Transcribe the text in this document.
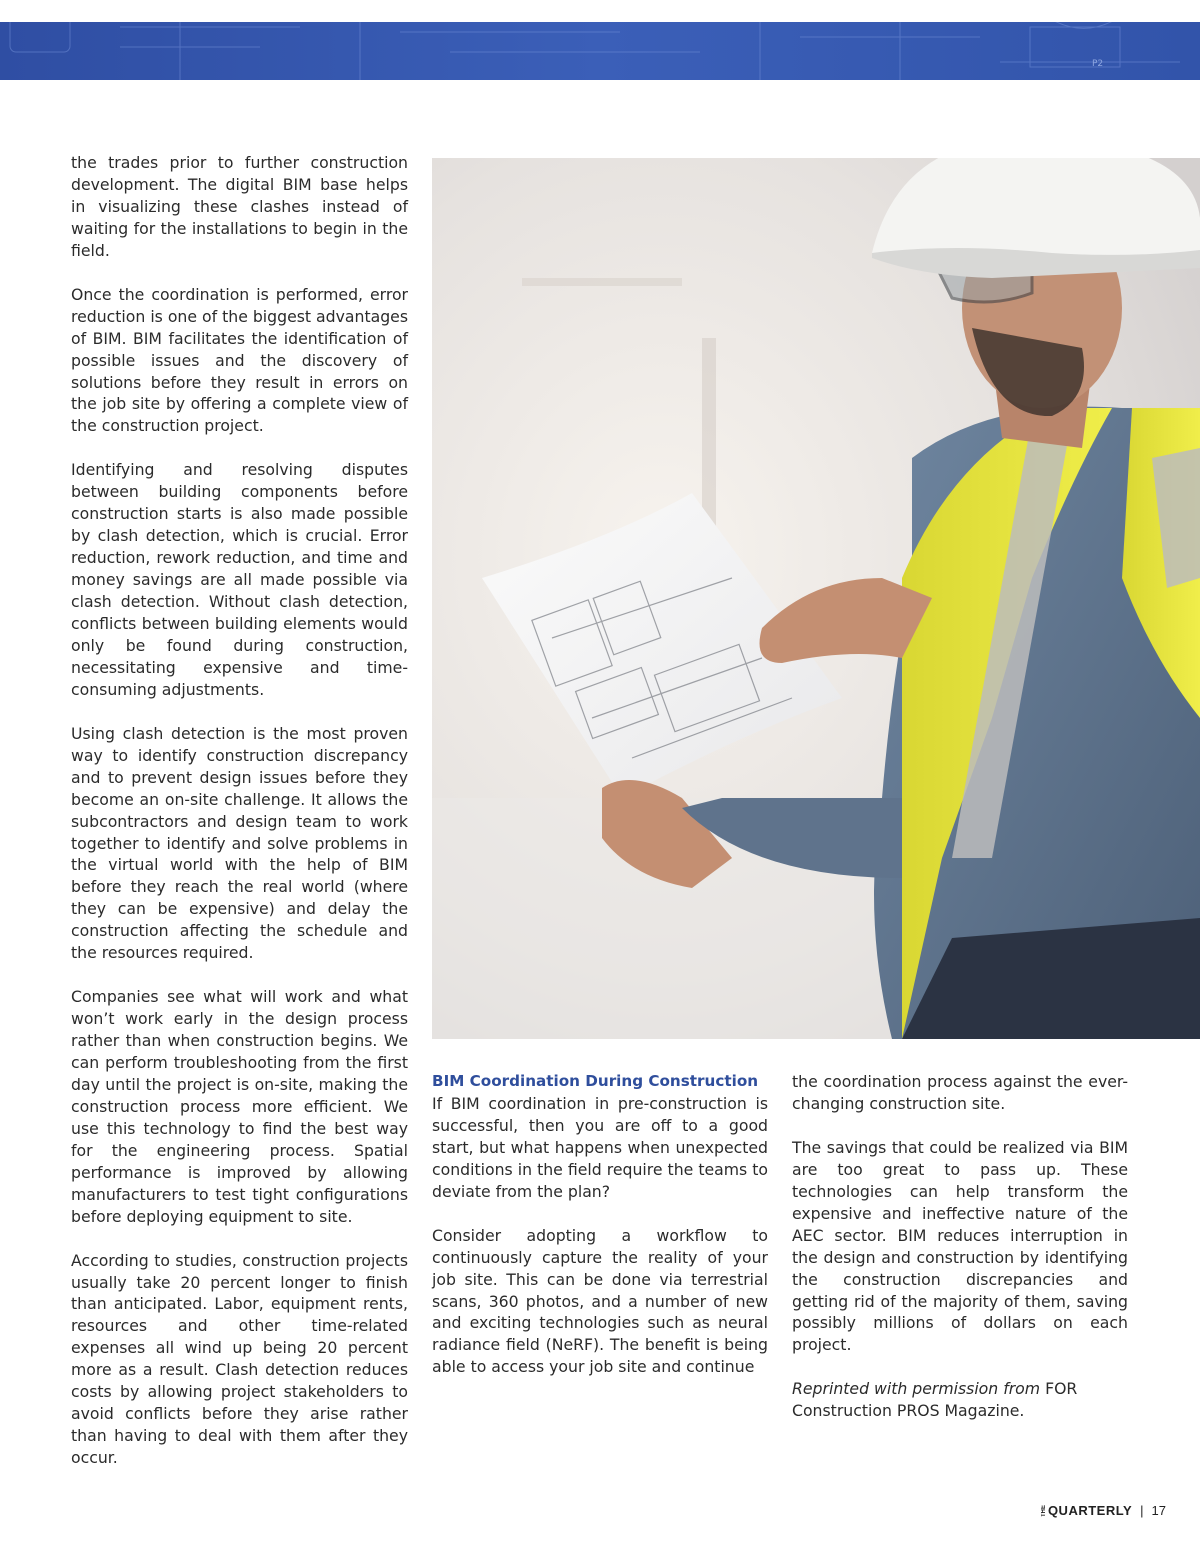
P2

the trades prior to further construction development. The digital BIM base helps in visualizing these clashes instead of waiting for the installations to begin in the field.

Once the coordination is performed, error reduction is one of the biggest advantages of BIM. BIM facilitates the identification of possible issues and the discovery of solutions before they result in errors on the job site by offering a complete view of the construction project.

Identifying and resolving disputes between building components before construction starts is also made possible by clash detection, which is crucial. Error reduction, rework reduction, and time and money savings are all made possible via clash detection. Without clash detection, conflicts between building elements would only be found during construction, necessitating expensive and time-consuming adjustments.

Using clash detection is the most proven way to identify construction discrepancy and to prevent design issues before they become an on-site challenge. It allows the subcontractors and design team to work together to identify and solve problems in the virtual world with the help of BIM before they reach the real world (where they can be expensive) and delay the construction affecting the schedule and the resources required.

Companies see what will work and what won’t work early in the design process rather than when construction begins. We can perform troubleshooting from the first day until the project is on-site, making the construction process more efficient. We use this technology to find the best way for the engineering process. Spatial performance is improved by allowing manufacturers to test tight configurations before deploying equipment to site.

According to studies, construction projects usually take 20 percent longer to finish than anticipated. Labor, equipment rents, resources and other time-related expenses all wind up being 20 percent more as a result. Clash detection reduces costs by allowing project stakeholders to avoid conflicts before they arise rather than having to deal with them after they occur.

BIM Coordination During Construction

If BIM coordination in pre-construction is successful, then you are off to a good start, but what happens when unexpected conditions in the field require the teams to deviate from the plan?

Consider adopting a workflow to continuously capture the reality of your job site. This can be done via terrestrial scans, 360 photos, and a number of new and exciting technologies such as neural radiance field (NeRF). The benefit is being able to access your job site and continue

the coordination process against the ever-changing construction site.

The savings that could be realized via BIM are too great to pass up. These technologies can help transform the expensive and ineffective nature of the AEC sector. BIM reduces interruption in the design and construction by identifying the construction discrepancies and getting rid of the majority of them, saving possibly millions of dollars on each project.

Reprinted with permission from FOR Construction PROS Magazine.

THE QUARTERLY | 17
